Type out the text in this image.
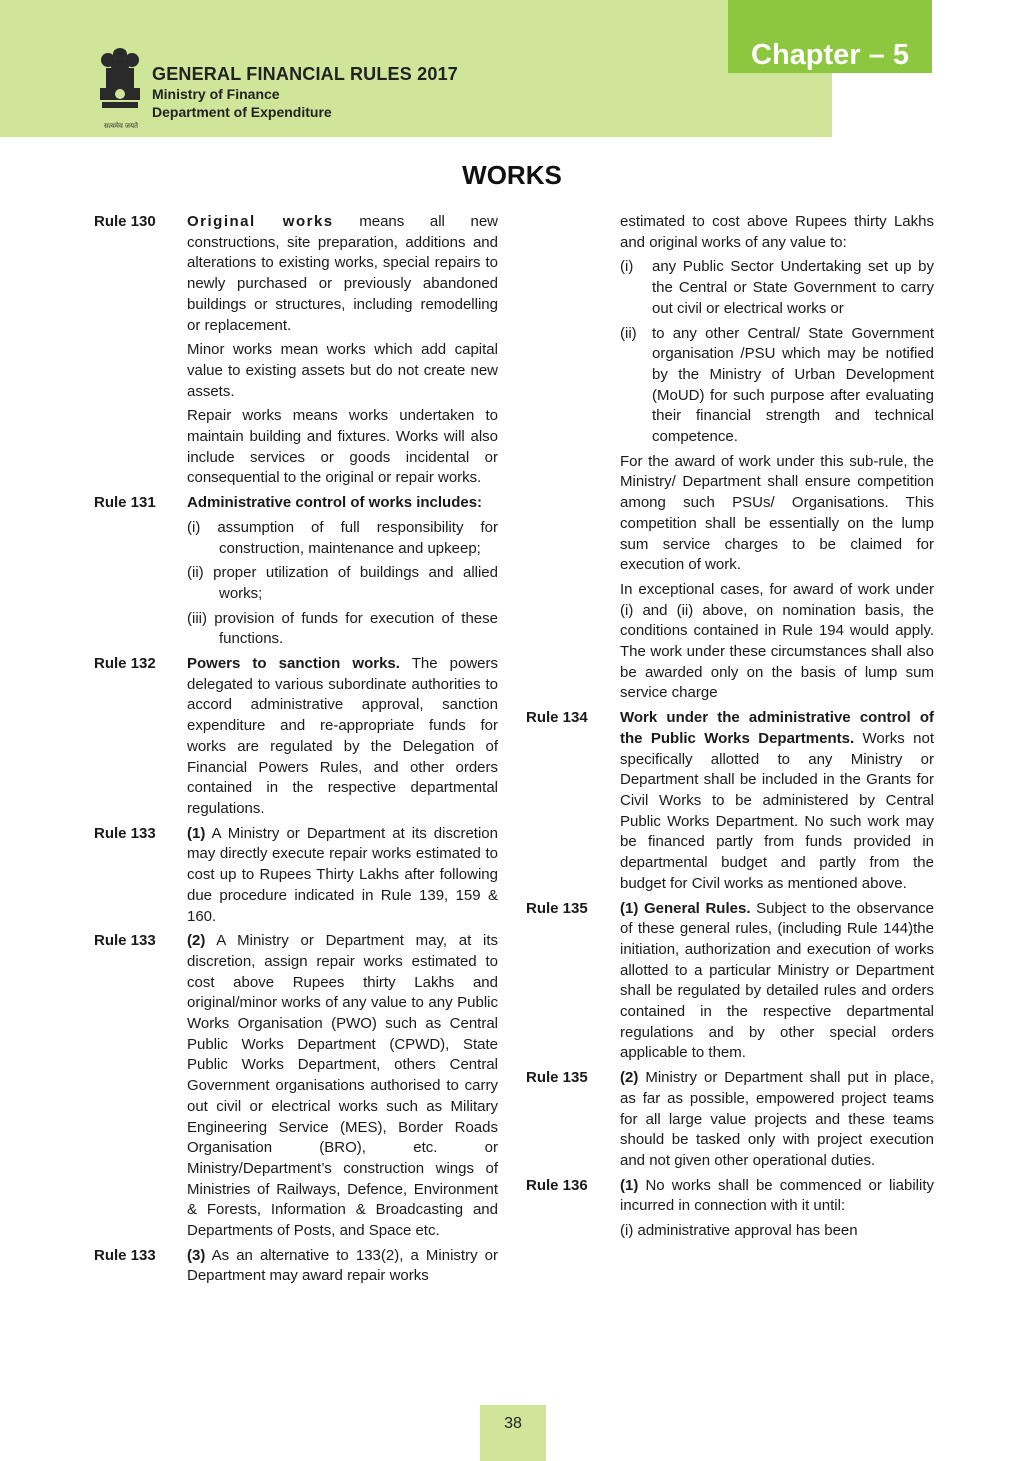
Chapter – 5
सत्यमेव जयते
GENERAL FINANCIAL RULES 2017
Ministry of Finance
Department of Expenditure
WORKS
Rule 130	Original works means all new constructions, site preparation, additions and alterations to existing works, special repairs to newly purchased or previously abandoned buildings or structures, including remodelling or replacement.
Minor works mean works which add capital value to existing assets but do not create new assets.
Repair works means works undertaken to maintain building and fixtures. Works will also include services or goods incidental or consequential to the original or repair works.
Rule 131	Administrative control of works includes:
(i) assumption of full responsibility for construction, maintenance and upkeep;
(ii) proper utilization of buildings and allied works;
(iii) provision of funds for execution of these functions.
Rule 132	Powers to sanction works. The powers delegated to various subordinate authorities to accord administrative approval, sanction expenditure and re-appropriate funds for works are regulated by the Delegation of Financial Powers Rules, and other orders contained in the respective departmental regulations.
Rule 133	(1) A Ministry or Department at its discretion may directly execute repair works estimated to cost up to Rupees Thirty Lakhs after following due procedure indicated in Rule 139, 159 & 160.
Rule 133	(2) A Ministry or Department may, at its discretion, assign repair works estimated to cost above Rupees thirty Lakhs and original/minor works of any value to any Public Works Organisation (PWO) such as Central Public Works Department (CPWD), State Public Works Department, others Central Government organisations authorised to carry out civil or electrical works such as Military Engineering Service (MES), Border Roads Organisation (BRO), etc. or Ministry/Department’s construction wings of Ministries of Railways, Defence, Environment & Forests, Information & Broadcasting and Departments of Posts, and Space etc.
Rule 133	(3) As an alternative to 133(2), a Ministry or Department may award repair works
estimated to cost above Rupees thirty Lakhs and original works of any value to:
(i) any Public Sector Undertaking set up by the Central or State Government to carry out civil or electrical works or
(ii) to any other Central/ State Government organisation /PSU which may be notified by the Ministry of Urban Development (MoUD) for such purpose after evaluating their financial strength and technical competence.
For the award of work under this sub-rule, the Ministry/ Department shall ensure competition among such PSUs/ Organisations. This competition shall be essentially on the lump sum service charges to be claimed for execution of work.
In exceptional cases, for award of work under (i) and (ii) above, on nomination basis, the conditions contained in Rule 194 would apply. The work under these circumstances shall also be awarded only on the basis of lump sum service charge
Rule 134	Work under the administrative control of the Public Works Departments. Works not specifically allotted to any Ministry or Department shall be included in the Grants for Civil Works to be administered by Central Public Works Department. No such work may be financed partly from funds provided in departmental budget and partly from the budget for Civil works as mentioned above.
Rule 135	(1) General Rules. Subject to the observance of these general rules, (including Rule 144)the initiation, authorization and execution of works allotted to a particular Ministry or Department shall be regulated by detailed rules and orders contained in the respective departmental regulations and by other special orders applicable to them.
Rule 135	(2) Ministry or Department shall put in place, as far as possible, empowered project teams for all large value projects and these teams should be tasked only with project execution and not given other operational duties.
Rule 136	(1) No works shall be commenced or liability incurred in connection with it until:
(i) administrative approval has been
38
